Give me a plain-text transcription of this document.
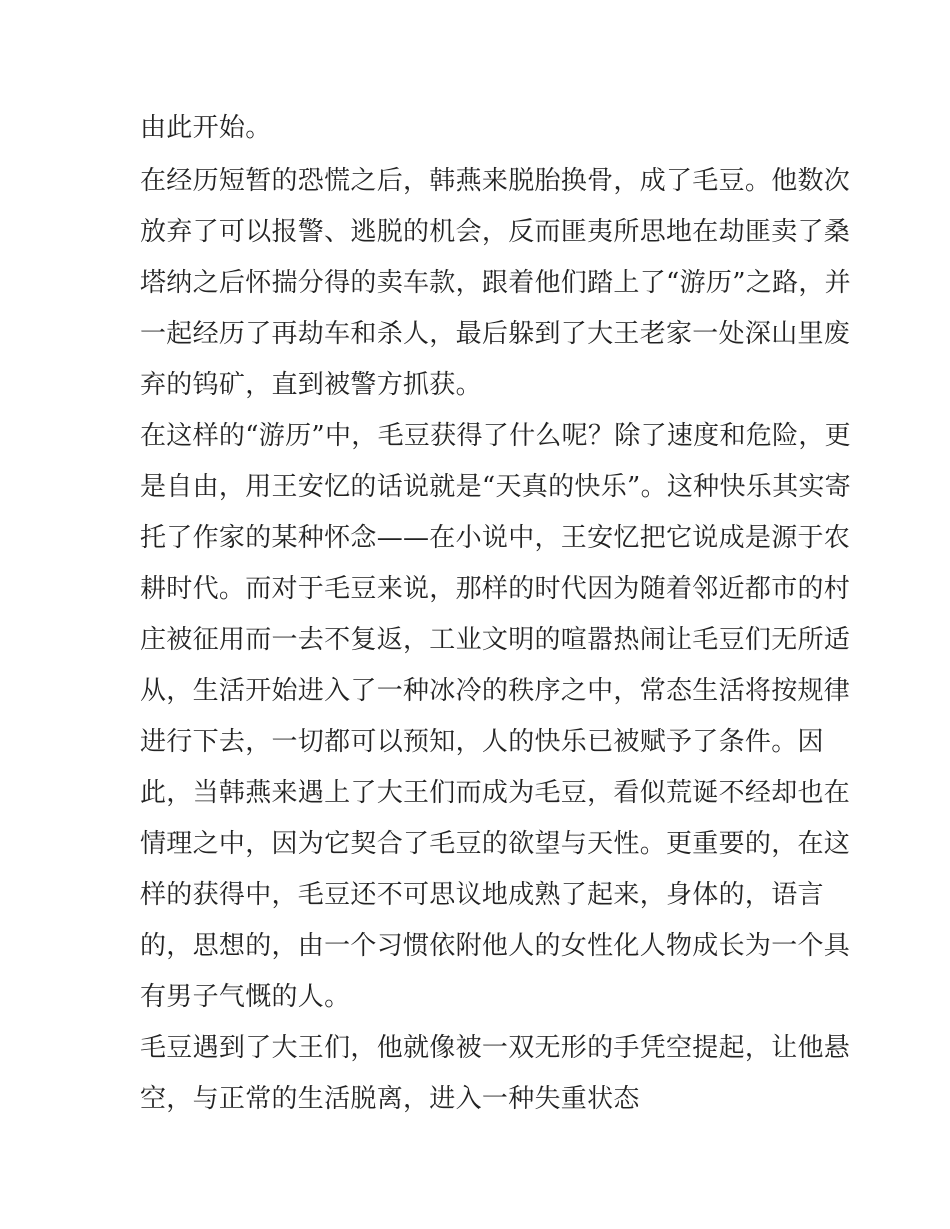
由此开始。
在经历短暂的恐慌之后，韩燕来脱胎换骨，成了毛豆。他数次
放弃了可以报警、逃脱的机会，反而匪夷所思地在劫匪卖了桑
塔纳之后怀揣分得的卖车款，跟着他们踏上了“游历”之路，并
一起经历了再劫车和杀人，最后躲到了大王老家一处深山里废
弃的钨矿，直到被警方抓获。
在这样的“游历”中，毛豆获得了什么呢？除了速度和危险，更
是自由，用王安忆的话说就是“天真的快乐”。这种快乐其实寄
托了作家的某种怀念——在小说中，王安忆把它说成是源于农
耕时代。而对于毛豆来说，那样的时代因为随着邻近都市的村
庄被征用而一去不复返，工业文明的喧嚣热闹让毛豆们无所适
从，生活开始进入了一种冰冷的秩序之中，常态生活将按规律
进行下去，一切都可以预知，人的快乐已被赋予了条件。因
此，当韩燕来遇上了大王们而成为毛豆，看似荒诞不经却也在
情理之中，因为它契合了毛豆的欲望与天性。更重要的，在这
样的获得中，毛豆还不可思议地成熟了起来，身体的，语言
的，思想的，由一个习惯依附他人的女性化人物成长为一个具
有男子气慨的人。
毛豆遇到了大王们，他就像被一双无形的手凭空提起，让他悬
空，与正常的生活脱离，进入一种失重状态
